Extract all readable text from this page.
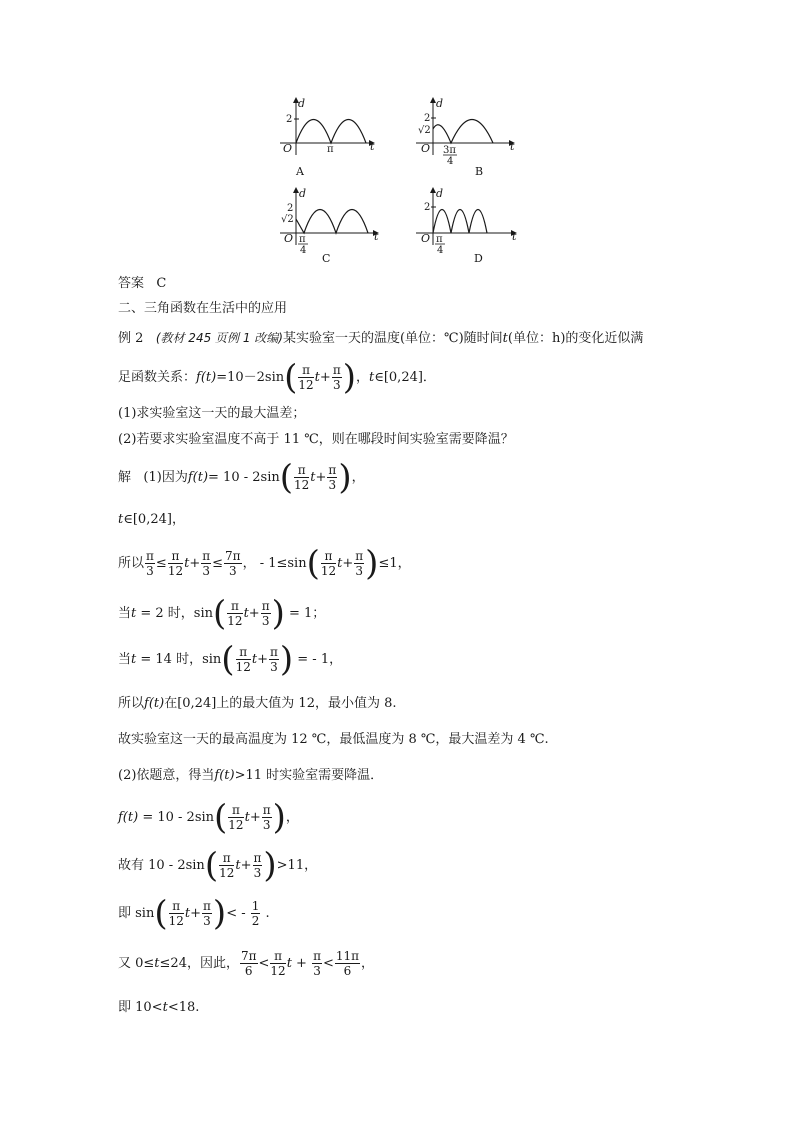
d
t
O
2
π
A
d
t
O
2
√2
3π
4
B
d
t
O
2
√2
π
4
C
d
t
O
2
π
4
D
答案 C
二、三角函数在生活中的应用
例 2 (教材 245 页例 1 改编)某实验室一天的温度(单位：℃)随时间t(单位：h)的变化近似满
足函数关系：$f(t)=10-2\sin( \frac{\pi}{12} t+ \frac{\pi}{3}$ )，t∈[0,24]．
(1)求实验室这一天的最大温差；
(2)若要求实验室温度不高于 11 ℃，则在哪段时间实验室需要降温？
解 (1)因为$f(t)= 10 - 2\sin( \frac{\pi}{12} t+ \frac{\pi}{3}$ )，
t∈[0,24]，
所以 $\frac{\pi}{3} \le \frac{\pi}{12} t+ \frac{\pi}{3} \le \frac{7\pi}{3}$ ， - $1\le\sin( \frac{\pi}{12} t+ \frac{\pi}{3} )\le 1$，
当t = 2 时，$\sin( \frac{\pi}{12} t+ \frac{\pi}{3}$ ) = 1；
当t = 14 时，$\sin( \frac{\pi}{12} t+ \frac{\pi}{3}$ ) = - 1，
所以f(t)在[0,24]上的最大值为 12，最小值为 8.
故实验室这一天的最高温度为 12 ℃，最低温度为 8 ℃，最大温差为 4 ℃.
(2)依题意，得当f(t)>11 时实验室需要降温．
$f(t) = 10 - 2\sin( \frac{\pi}{12} t+ \frac{\pi}{3}$ )，
故有 $10 - 2\sin( \frac{\pi}{12} t+ \frac{\pi}{3} )>11$，
即 $\sin( \frac{\pi}{12} t+ \frac{\pi}{3}$ )< - $\frac{1}{2}$ .
又 0≤t≤24，因此， $\frac{7\pi}{6} < \frac{\pi}{12}$ $t + \frac{\pi}{3} < \frac{11\pi}{6}$ ，
即 10<t<18.
